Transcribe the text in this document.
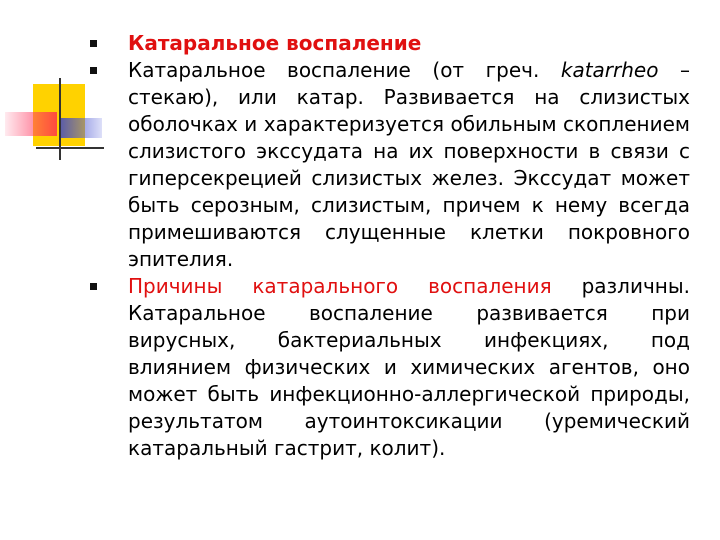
Катаральное воспаление
Катаральное воспаление (от греч. katarrheo – стекаю), или катар. Развивается на слизистых оболочках и характеризуется обильным скоплением слизистого экссудата на их поверхности в связи с гиперсекрецией слизистых желез. Экссудат может быть серозным, слизистым, причем к нему всегда примешиваются слущенные клетки покровного эпителия.
Причины катарального воспаления различны. Катаральное воспаление развивается при вирусных, бактериальных инфекциях, под влиянием физических и химических агентов, оно может быть инфекционно-аллергической природы, результатом аутоинтоксикации (уремический катаральный гастрит, колит).
